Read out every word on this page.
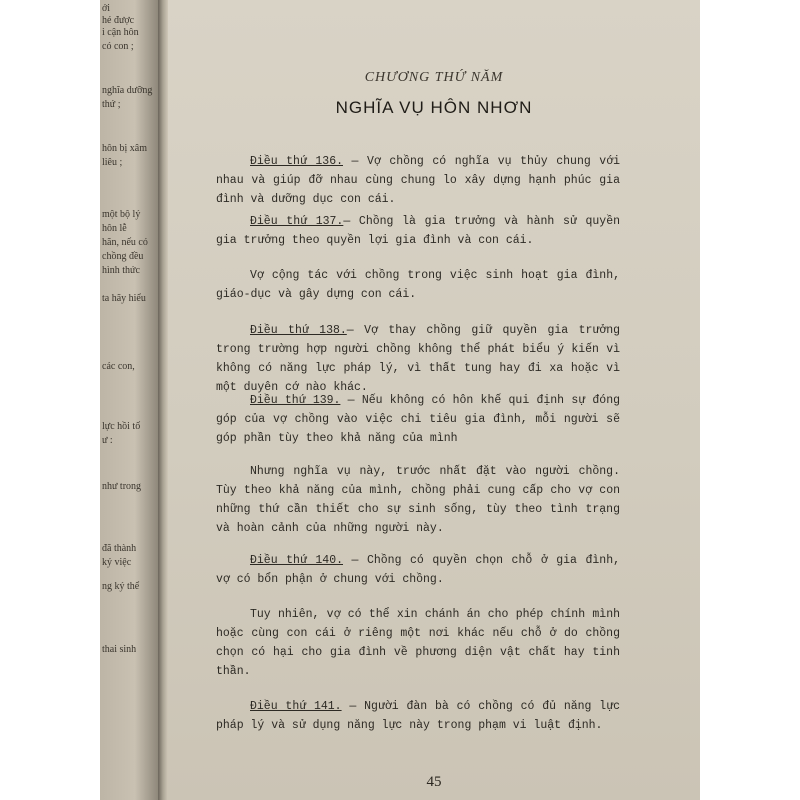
ới
hé được
i cận hôn
có con ;
nghĩa dưỡng
thứ ;
hôn bị xâm
liêu ;
một bộ lý
hôn lễ
hãn, nếu có
chồng đều
hình thức
ta hãy hiểu
các con,
lực hồi tố
ư :
như trong
đã thành
ký việc
ng ký thể
thai sinh
CHƯƠNG THỨ NĂM
NGHĨA VỤ HÔN NHƠN
Điều thứ 136. — Vợ chồng có nghĩa vụ thủy chung với nhau và giúp đỡ nhau cùng chung lo xây dựng hạnh phúc gia đình và dưỡng dục con cái.
Điều thứ 137.— Chồng là gia trưởng và hành sử quyền gia trưởng theo quyền lợi gia đình và con cái.
Vợ cộng tác với chồng trong việc sinh hoạt gia đình, giáo-dục và gây dựng con cái.
Điều thứ 138.— Vợ thay chồng giữ quyền gia trưởng trong trường hợp người chồng không thể phát biểu ý kiến vì không có năng lực pháp lý, vì thất tung hay đi xa hoặc vì một duyên cớ nào khác.
Điều thứ 139. — Nếu không có hôn khế qui định sự đóng góp của vợ chồng vào việc chi tiêu gia đình, mỗi người sẽ góp phần tùy theo khả năng của mình
Nhưng nghĩa vụ này, trước nhất đặt vào người chồng. Tùy theo khả năng của mình, chồng phải cung cấp cho vợ con những thứ cần thiết cho sự sinh sống, tùy theo tình trạng và hoàn cảnh của những người này.
Điều thứ 140. — Chồng có quyền chọn chỗ ở gia đình, vợ có bổn phận ở chung với chồng.
Tuy nhiên, vợ có thể xin chánh án cho phép chính mình hoặc cùng con cái ở riêng một nơi khác nếu chỗ ở do chồng chọn có hại cho gia đình về phương diện vật chất hay tinh thần.
Điều thứ 141. — Người đàn bà có chồng có đủ năng lực pháp lý và sử dụng năng lực này trong phạm vi luật định.
45
